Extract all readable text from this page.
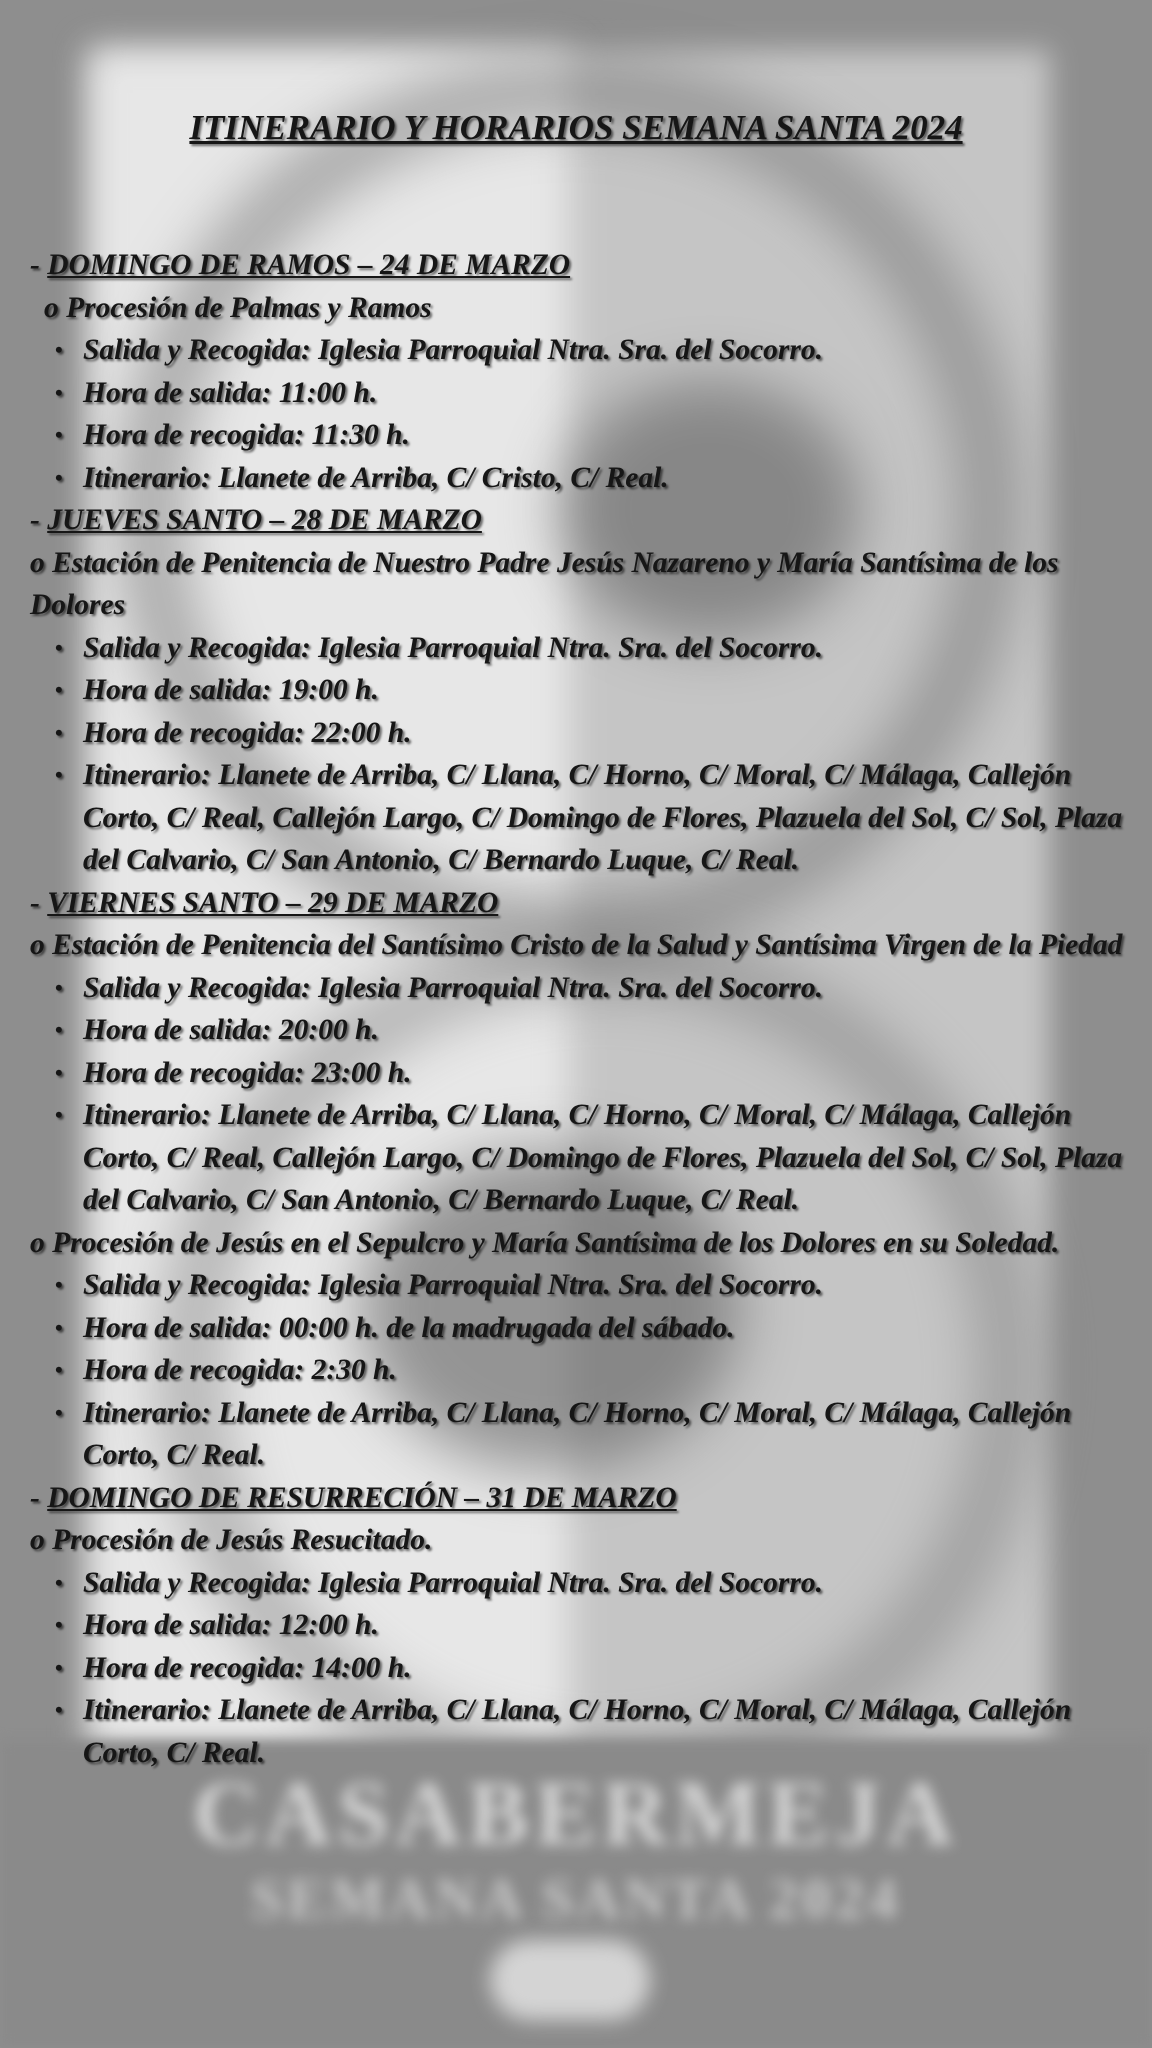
CASABERMEJA
SEMANA SANTA 2024
ITINERARIO Y HORARIOS SEMANA SANTA 2024

- DOMINGO DE RAMOS – 24 DE MARZO

o Procesión de Palmas y Ramos

• Salida y Recogida: Iglesia Parroquial Ntra. Sra. del Socorro.
• Hora de salida: 11:00 h.
• Hora de recogida: 11:30 h.
• Itinerario: Llanete de Arriba, C/ Cristo, C/ Real.

- JUEVES SANTO – 28 DE MARZO

o Estación de Penitencia de Nuestro Padre Jesús Nazareno y María Santísima de los Dolores

• Salida y Recogida: Iglesia Parroquial Ntra. Sra. del Socorro.
• Hora de salida: 19:00 h.
• Hora de recogida: 22:00 h.
• Itinerario: Llanete de Arriba, C/ Llana, C/ Horno, C/ Moral, C/ Málaga, Callejón Corto, C/ Real, Callejón Largo, C/ Domingo de Flores, Plazuela del Sol, C/ Sol, Plaza del Calvario, C/ San Antonio, C/ Bernardo Luque, C/ Real.

- VIERNES SANTO – 29 DE MARZO

o Estación de Penitencia del Santísimo Cristo de la Salud y Santísima Virgen de la Piedad

• Salida y Recogida: Iglesia Parroquial Ntra. Sra. del Socorro.
• Hora de salida: 20:00 h.
• Hora de recogida: 23:00 h.
• Itinerario: Llanete de Arriba, C/ Llana, C/ Horno, C/ Moral, C/ Málaga, Callejón Corto, C/ Real, Callejón Largo, C/ Domingo de Flores, Plazuela del Sol, C/ Sol, Plaza del Calvario, C/ San Antonio, C/ Bernardo Luque, C/ Real.

o Procesión de Jesús en el Sepulcro y María Santísima de los Dolores en su Soledad.

• Salida y Recogida: Iglesia Parroquial Ntra. Sra. del Socorro.
• Hora de salida: 00:00 h. de la madrugada del sábado.
• Hora de recogida: 2:30 h.
• Itinerario: Llanete de Arriba, C/ Llana, C/ Horno, C/ Moral, C/ Málaga, Callejón Corto, C/ Real.

- DOMINGO DE RESURRECIÓN – 31 DE MARZO

o Procesión de Jesús Resucitado.

• Salida y Recogida: Iglesia Parroquial Ntra. Sra. del Socorro.
• Hora de salida: 12:00 h.
• Hora de recogida: 14:00 h.
• Itinerario: Llanete de Arriba, C/ Llana, C/ Horno, C/ Moral, C/ Málaga, Callejón Corto, C/ Real.
